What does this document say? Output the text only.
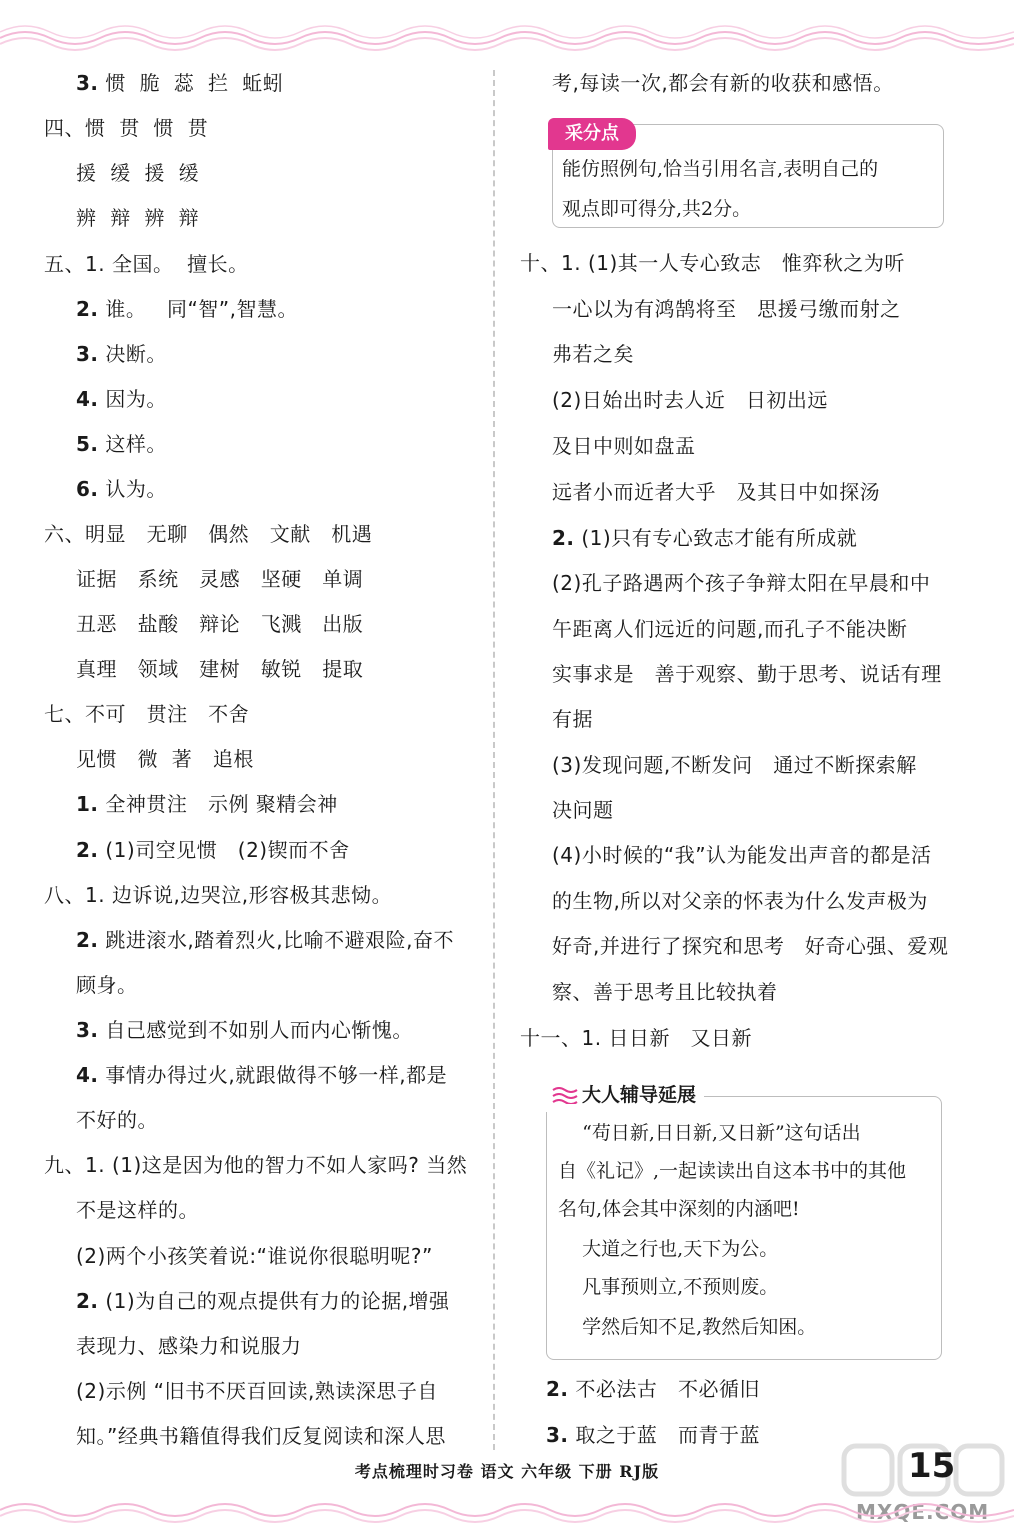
3. 惯  脆  蕊  拦  蚯蚓
四、惯  贯  惯  贯
援  缓  援  缓
辨  辩  辨  辩
五、1. 全国。  擅长。
2. 谁。   同“智”,智慧。
3. 决断。
4. 因为。
5. 这样。
6. 认为。
六、明显   无聊   偶然   文献   机遇
证据   系统   灵感   坚硬   单调
丑恶   盐酸   辩论   飞溅   出版
真理   领域   建树   敏锐   提取
七、不可   贯注   不舍
见惯   微  著   追根
1. 全神贯注   示例 聚精会神
2. (1)司空见惯   (2)锲而不舍
八、1. 边诉说,边哭泣,形容极其悲恸。
2. 跳进滚水,踏着烈火,比喻不避艰险,奋不
顾身。
3. 自己感觉到不如别人而内心惭愧。
4. 事情办得过火,就跟做得不够一样,都是
不好的。
九、1. (1)这是因为他的智力不如人家吗? 当然
不是这样的。
(2)两个小孩笑着说:“谁说你很聪明呢?”
2. (1)为自己的观点提供有力的论据,增强
表现力、感染力和说服力
(2)示例 “旧书不厌百回读,熟读深思子自
知。”经典书籍值得我们反复阅读和深人思
考,每读一次,都会有新的收获和感悟。
十、1. (1)其一人专心致志   惟弈秋之为听
一心以为有鸿鹄将至   思援弓缴而射之
弗若之矣
(2)日始出时去人近   日初出远
及日中则如盘盂
远者小而近者大乎   及其日中如探汤
2. (1)只有专心致志才能有所成就
(2)孔子路遇两个孩子争辩太阳在早晨和中
午距离人们远近的问题,而孔子不能决断
实事求是   善于观察、勤于思考、说话有理
有据
(3)发现问题,不断发问   通过不断探索解
决问题
(4)小时候的“我”认为能发出声音的都是活
的生物,所以对父亲的怀表为什么发声极为
好奇,并进行了探究和思考   好奇心强、爱观
察、善于思考且比较执着
十一、1. 日日新   又日新
2. 不必法古   不必循旧
3. 取之于蓝   而青于蓝
采分点
能仿照例句,恰当引用名言,表明自己的
观点即可得分,共2分。
大人辅导延展
“苟日新,日日新,又日新”这句话出
自《礼记》,一起读读出自这本书中的其他
名句,体会其中深刻的内涵吧!
大道之行也,天下为公。
凡事预则立,不预则废。
学然后知不足,教然后知困。
考点梳理时习卷 语文 六年级 下册 RJ版
MXQE.COM
15
